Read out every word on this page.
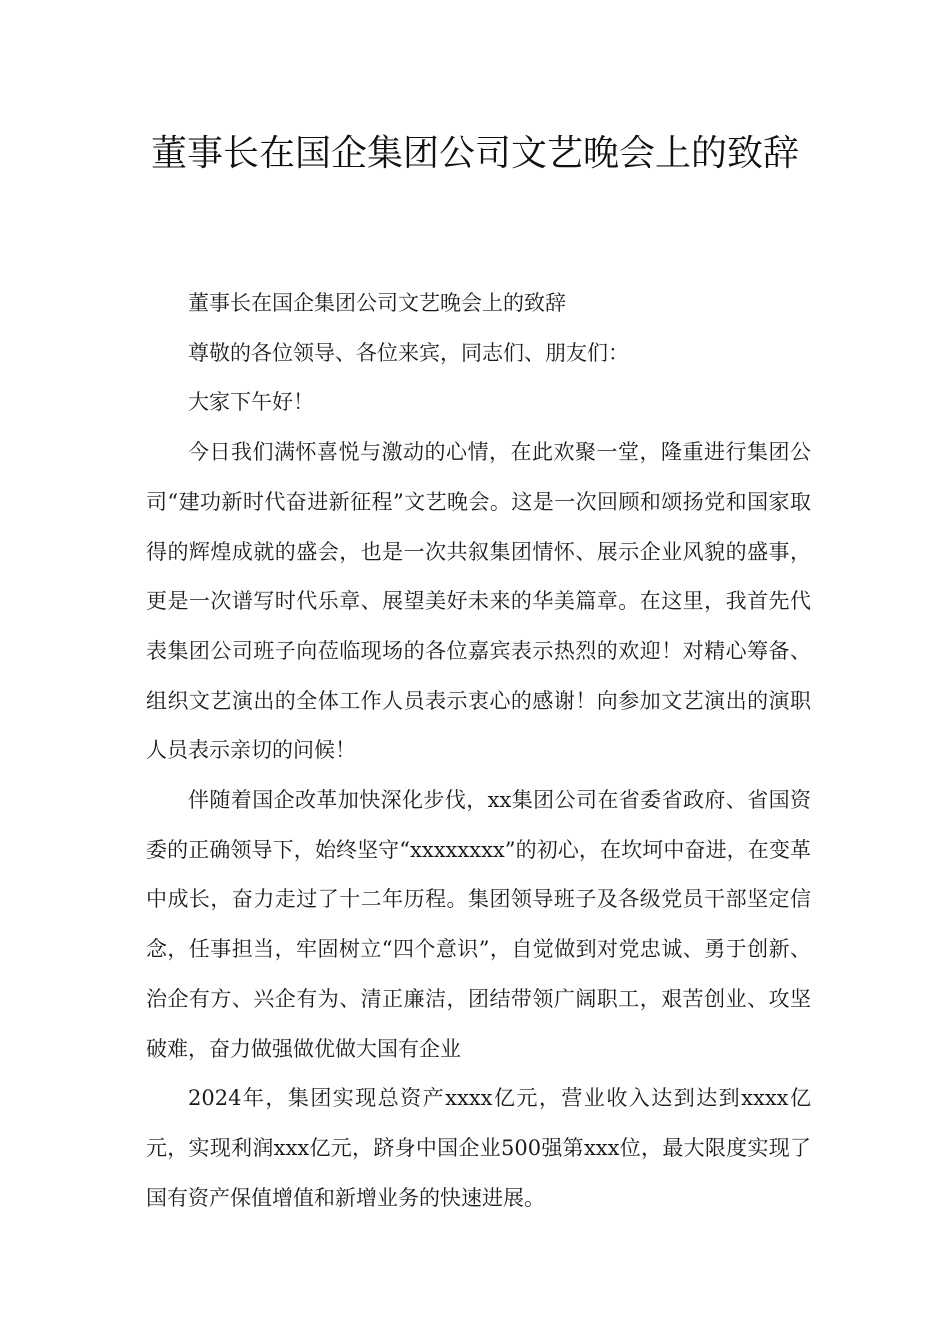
董事长在国企集团公司文艺晚会上的致辞

董事长在国企集团公司文艺晚会上的致辞

尊敬的各位领导、各位来宾，同志们、朋友们：

大家下午好！

今日我们满怀喜悦与激动的心情，在此欢聚一堂，隆重进行集团公司“建功新时代奋进新征程”文艺晚会。这是一次回顾和颂扬党和国家取得的辉煌成就的盛会，也是一次共叙集团情怀、展示企业风貌的盛事，更是一次谱写时代乐章、展望美好未来的华美篇章。在这里，我首先代表集团公司班子向莅临现场的各位嘉宾表示热烈的欢迎！对精心筹备、组织文艺演出的全体工作人员表示衷心的感谢！向参加文艺演出的演职人员表示亲切的问候！

伴随着国企改革加快深化步伐，xx集团公司在省委省政府、省国资委的正确领导下，始终坚守“xxxxxxxx”的初心，在坎坷中奋进，在变革中成长，奋力走过了十二年历程。集团领导班子及各级党员干部坚定信念，任事担当，牢固树立“四个意识”，自觉做到对党忠诚、勇于创新、治企有方、兴企有为、清正廉洁，团结带领广阔职工，艰苦创业、攻坚破难，奋力做强做优做大国有企业

2024年，集团实现总资产xxxx亿元，营业收入达到达到xxxx亿元，实现利润xxx亿元，跻身中国企业500强第xxx位，最大限度实现了国有资产保值增值和新增业务的快速进展。
